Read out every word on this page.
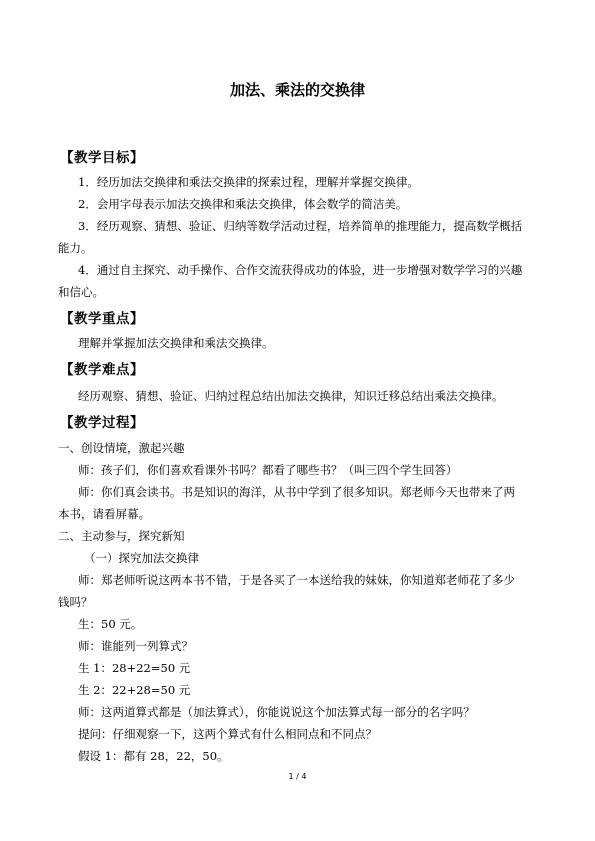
加法、乘法的交换律
【教学目标】
1．经历加法交换律和乘法交换律的探索过程，理解并掌握交换律。
2．会用字母表示加法交换律和乘法交换律，体会数学的简洁美。
3．经历观察、猜想、验证、归纳等数学活动过程，培养简单的推理能力，提高数学概括
能力。
4．通过自主探究、动手操作、合作交流获得成功的体验，进一步增强对数学学习的兴趣
和信心。
【教学重点】
理解并掌握加法交换律和乘法交换律。
【教学难点】
经历观察、猜想、验证、归纳过程总结出加法交换律，知识迁移总结出乘法交换律。
【教学过程】
一、创设情境，激起兴趣
师：孩子们，你们喜欢看课外书吗？都看了哪些书？（叫三四个学生回答）
师：你们真会读书。书是知识的海洋，从书中学到了很多知识。郑老师今天也带来了两
本书，请看屏幕。
二、主动参与，探究新知
（一）探究加法交换律
师：郑老师听说这两本书不错，于是各买了一本送给我的妹妹，你知道郑老师花了多少
钱吗？
生：50 元。
师：谁能列一列算式？
生 1：28+22=50 元
生 2：22+28=50 元
师：这两道算式都是（加法算式），你能说说这个加法算式每一部分的名字吗？
提问：仔细观察一下，这两个算式有什么相同点和不同点？
假设 1：都有 28，22，50。
1 / 4
